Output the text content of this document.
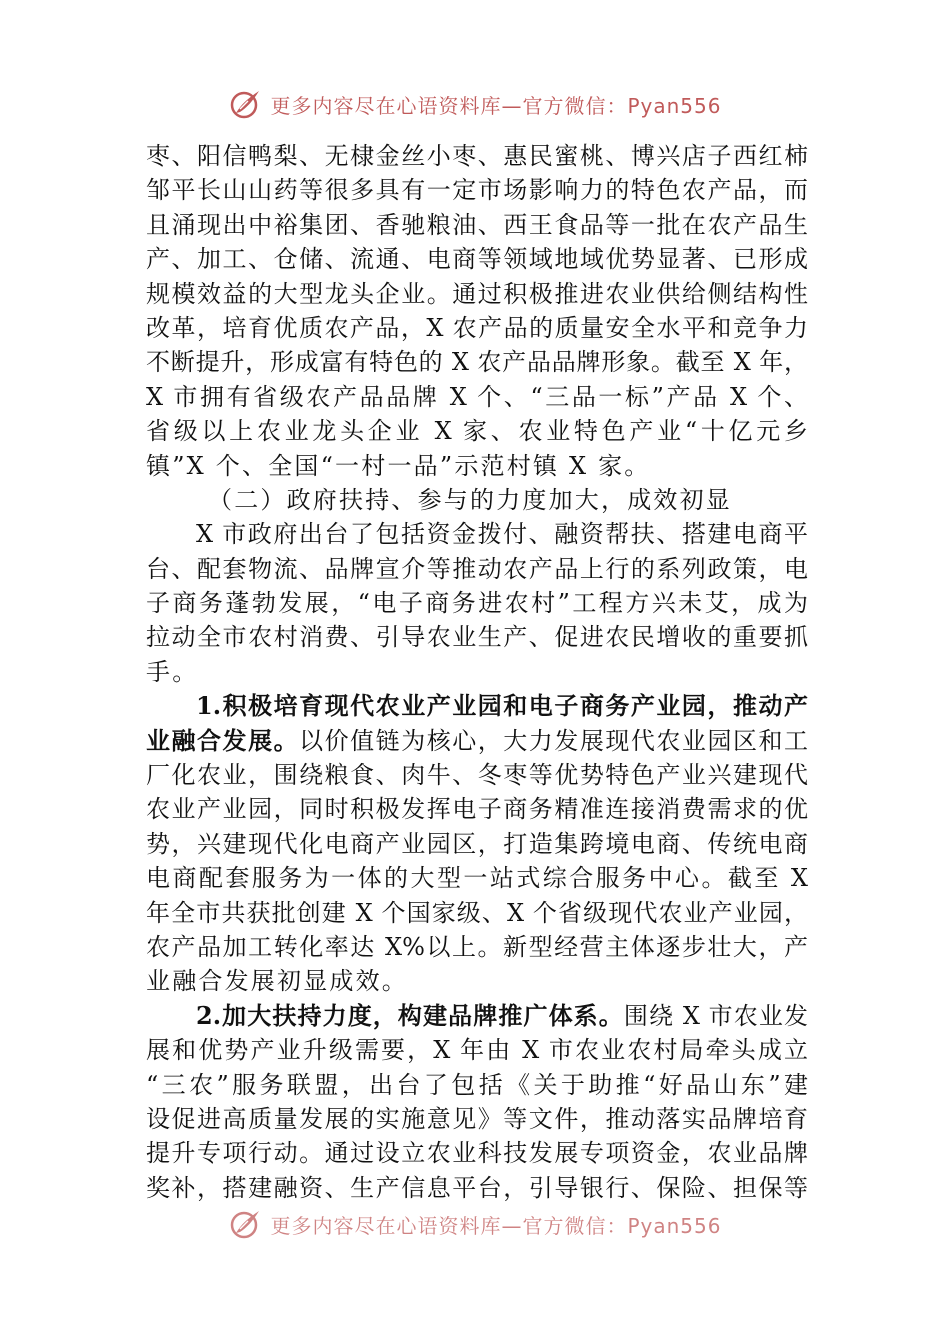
更多内容尽在心语资料库—官方微信：Pyan556
枣、阳信鸭梨、无棣金丝小枣、惠民蜜桃、博兴店子西红柿
邹平长山山药等很多具有一定市场影响力的特色农产品，而
且涌现出中裕集团、香驰粮油、西王食品等一批在农产品生
产、加工、仓储、流通、电商等领域地域优势显著、已形成
规模效益的大型龙头企业。通过积极推进农业供给侧结构性
改革，培育优质农产品，X 农产品的质量安全水平和竞争力
不断提升，形成富有特色的 X 农产品品牌形象。截至 X 年，
X 市拥有省级农产品品牌 X 个、“三品一标”产品 X 个、
省级以上农业龙头企业 X 家、农业特色产业“十亿元乡
镇”X 个、全国“一村一品”示范村镇 X 家。
（二）政府扶持、参与的力度加大，成效初显
X 市政府出台了包括资金拨付、融资帮扶、搭建电商平
台、配套物流、品牌宣介等推动农产品上行的系列政策，电
子商务蓬勃发展，“电子商务进农村”工程方兴未艾，成为
拉动全市农村消费、引导农业生产、促进农民增收的重要抓
手。
1.积极培育现代农业产业园和电子商务产业园，推动产
业融合发展。以价值链为核心，大力发展现代农业园区和工
厂化农业，围绕粮食、肉牛、冬枣等优势特色产业兴建现代
农业产业园，同时积极发挥电子商务精准连接消费需求的优
势，兴建现代化电商产业园区，打造集跨境电商、传统电商
电商配套服务为一体的大型一站式综合服务中心。截至 X
年全市共获批创建 X 个国家级、X 个省级现代农业产业园，
农产品加工转化率达 X%以上。新型经营主体逐步壮大，产
业融合发展初显成效。
2.加大扶持力度，构建品牌推广体系。围绕 X 市农业发
展和优势产业升级需要，X 年由 X 市农业农村局牵头成立
“三农”服务联盟，出台了包括《关于助推“好品山东”建
设促进高质量发展的实施意见》等文件，推动落实品牌培育
提升专项行动。通过设立农业科技发展专项资金，农业品牌
奖补，搭建融资、生产信息平台，引导银行、保险、担保等
更多内容尽在心语资料库—官方微信：Pyan556
